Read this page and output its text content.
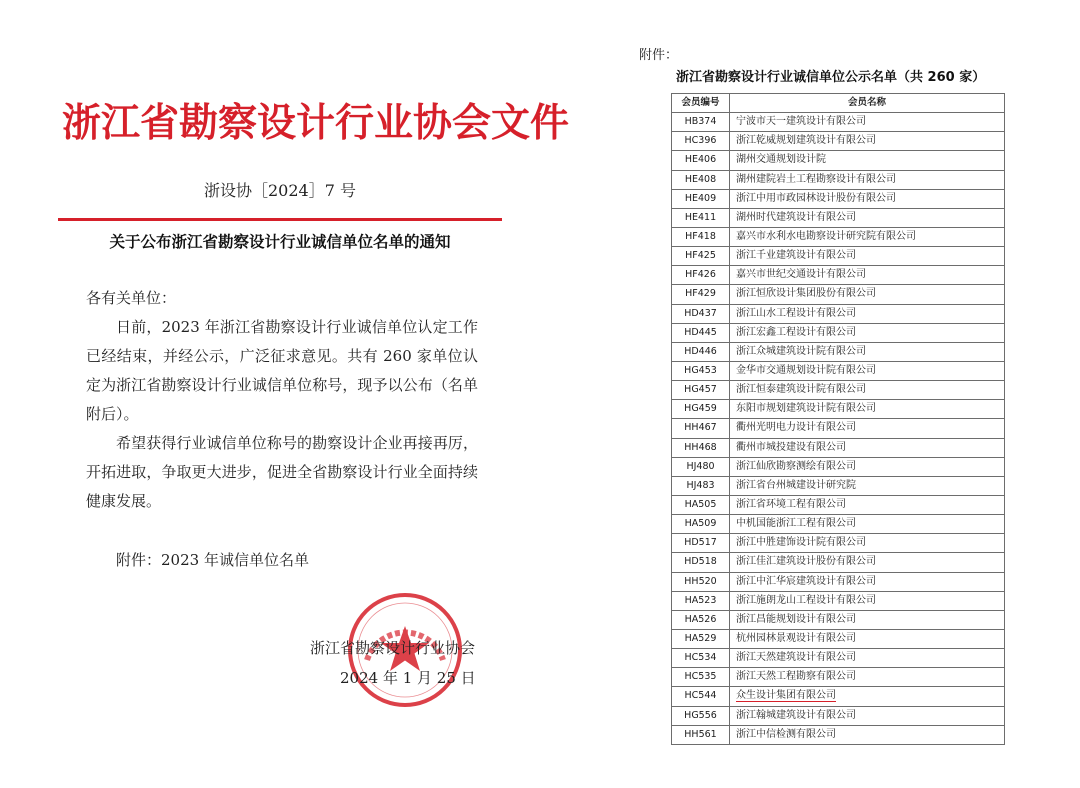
浙江省勘察设计行业协会文件
浙设协［2024］7 号
关于公布浙江省勘察设计行业诚信单位名单的通知
各有关单位：
日前，2023 年浙江省勘察设计行业诚信单位认定工作已经结束，并经公示，广泛征求意见。共有 260 家单位认定为浙江省勘察设计行业诚信单位称号，现予以公布（名单附后）。
希望获得行业诚信单位称号的勘察设计企业再接再厉，开拓进取，争取更大进步，促进全省勘察设计行业全面持续健康发展。
附件：2023 年诚信单位名单
浙江省勘察设计行业协会
2024 年 1 月 25 日
附件：
浙江省勘察设计行业诚信单位公示名单（共 260 家）
会员编号	会员名称
HB374	宁波市天一建筑设计有限公司
HC396	浙江乾威规划建筑设计有限公司
HE406	湖州交通规划设计院
HE408	湖州建院岩土工程勘察设计有限公司
HE409	浙江中用市政园林设计股份有限公司
HE411	湖州时代建筑设计有限公司
HF418	嘉兴市水利水电勘察设计研究院有限公司
HF425	浙江千业建筑设计有限公司
HF426	嘉兴市世纪交通设计有限公司
HF429	浙江恒欣设计集团股份有限公司
HD437	浙江山水工程设计有限公司
HD445	浙江宏鑫工程设计有限公司
HD446	浙江众城建筑设计院有限公司
HG453	金华市交通规划设计院有限公司
HG457	浙江恒泰建筑设计院有限公司
HG459	东阳市规划建筑设计院有限公司
HH467	衢州光明电力设计有限公司
HH468	衢州市城投建设有限公司
HJ480	浙江仙欣勘察测绘有限公司
HJ483	浙江省台州城建设计研究院
HA505	浙江省环境工程有限公司
HA509	中机国能浙江工程有限公司
HD517	浙江中胜建饰设计院有限公司
HD518	浙江佳汇建筑设计股份有限公司
HH520	浙江中汇华宸建筑设计有限公司
HA523	浙江施朗龙山工程设计有限公司
HA526	浙江昌能规划设计有限公司
HA529	杭州园林景观设计有限公司
HC534	浙江天然建筑设计有限公司
HC535	浙江天然工程勘察有限公司
HC544	众生设计集团有限公司
HG556	浙江翰城建筑设计有限公司
HH561	浙江中信检测有限公司
